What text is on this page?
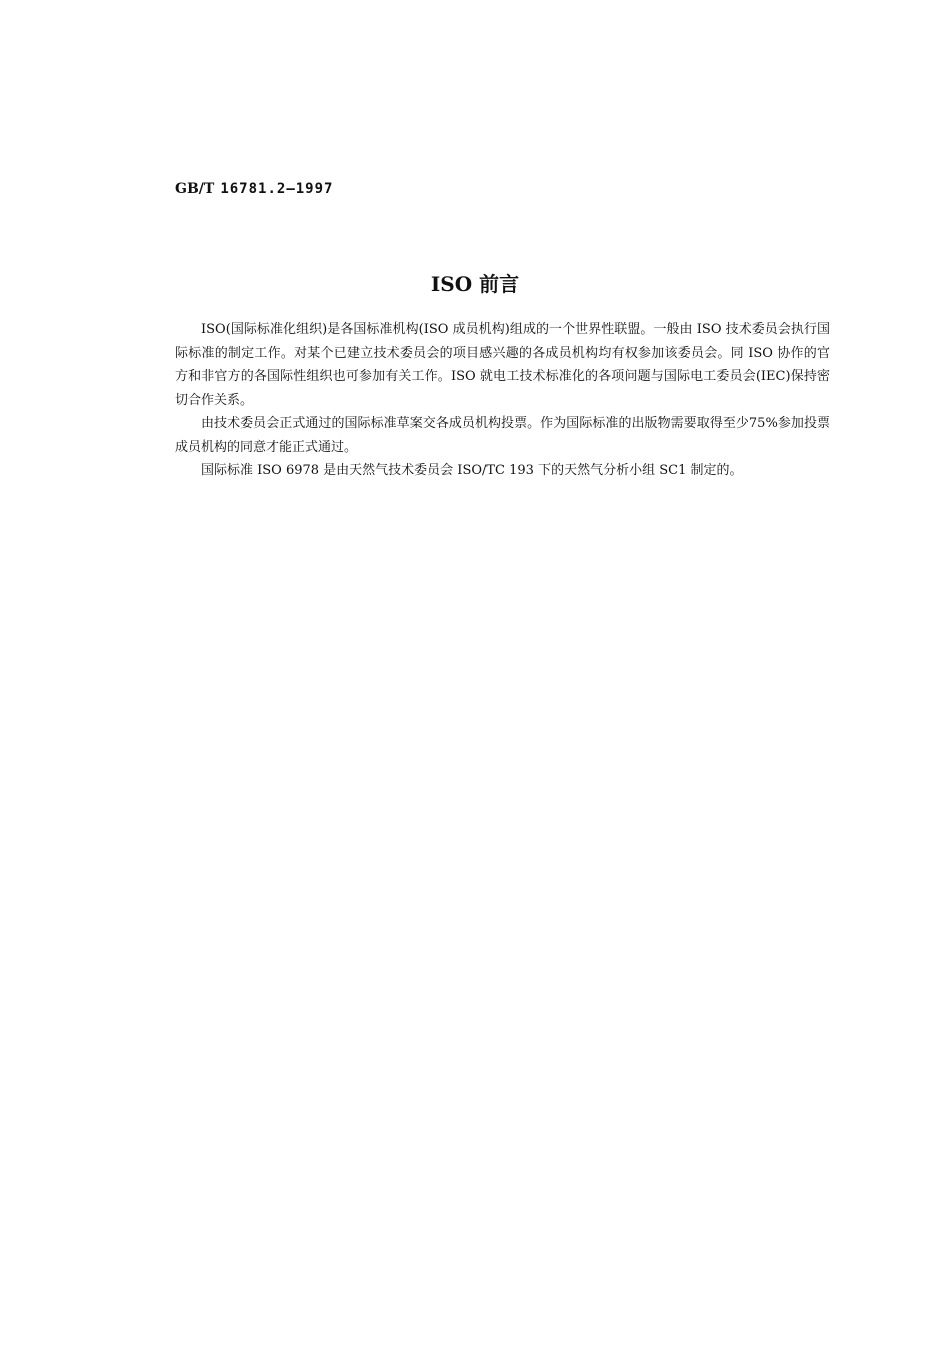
GB/T 16781.2—1997
ISO 前言

ISO(国际标准化组织)是各国标准机构(ISO 成员机构)组成的一个世界性联盟。一般由 ISO 技术委员会执行国际标准的制定工作。对某个已建立技术委员会的项目感兴趣的各成员机构均有权参加该委员会。同 ISO 协作的官方和非官方的各国际性组织也可参加有关工作。ISO 就电工技术标准化的各项问题与国际电工委员会(IEC)保持密切合作关系。

由技术委员会正式通过的国际标准草案交各成员机构投票。作为国际标准的出版物需要取得至少75%参加投票成员机构的同意才能正式通过。

国际标准 ISO 6978 是由天然气技术委员会 ISO/TC 193 下的天然气分析小组 SC1 制定的。
